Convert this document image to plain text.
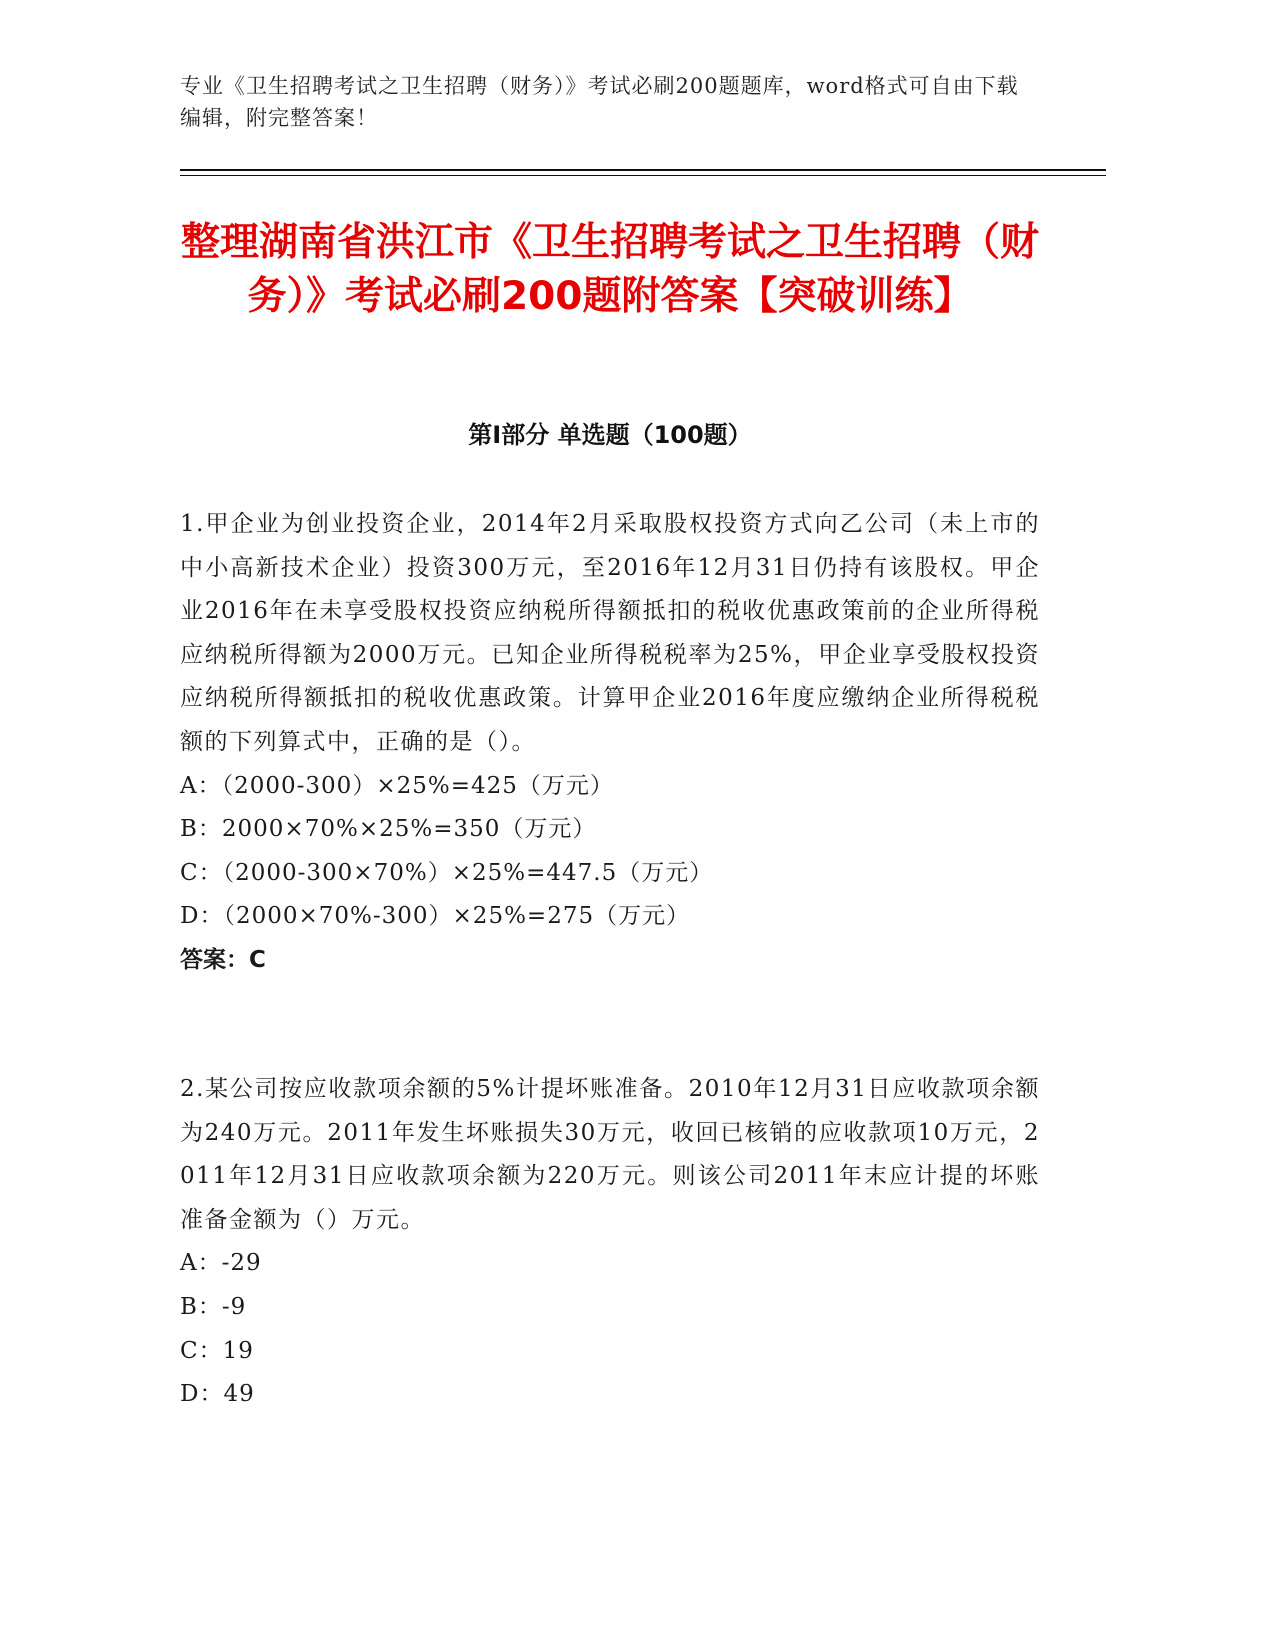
专业《卫生招聘考试之卫生招聘（财务）》考试必刷200题题库，word格式可自由下载编辑，附完整答案！
整理湖南省洪江市《卫生招聘考试之卫生招聘（财务）》考试必刷200题附答案【突破训练】
第Ⅰ部分 单选题（100题）
1.甲企业为创业投资企业，2014年2月采取股权投资方式向乙公司（未上市的中小高新技术企业）投资300万元，至2016年12月31日仍持有该股权。甲企业2016年在未享受股权投资应纳税所得额抵扣的税收优惠政策前的企业所得税应纳税所得额为2000万元。已知企业所得税税率为25%，甲企业享受股权投资应纳税所得额抵扣的税收优惠政策。计算甲企业2016年度应缴纳企业所得税税额的下列算式中，正确的是（）。
A：（2000-300）×25%=425（万元）
B：2000×70%×25%=350（万元）
C：（2000-300×70%）×25%=447.5（万元）
D：（2000×70%-300）×25%=275（万元）
答案：C
2.某公司按应收款项余额的5%计提坏账准备。2010年12月31日应收款项余额为240万元。2011年发生坏账损失30万元，收回已核销的应收款项10万元，2011年12月31日应收款项余额为220万元。则该公司2011年末应计提的坏账准备金额为（）万元。
A：-29
B：-9
C：19
D：49
